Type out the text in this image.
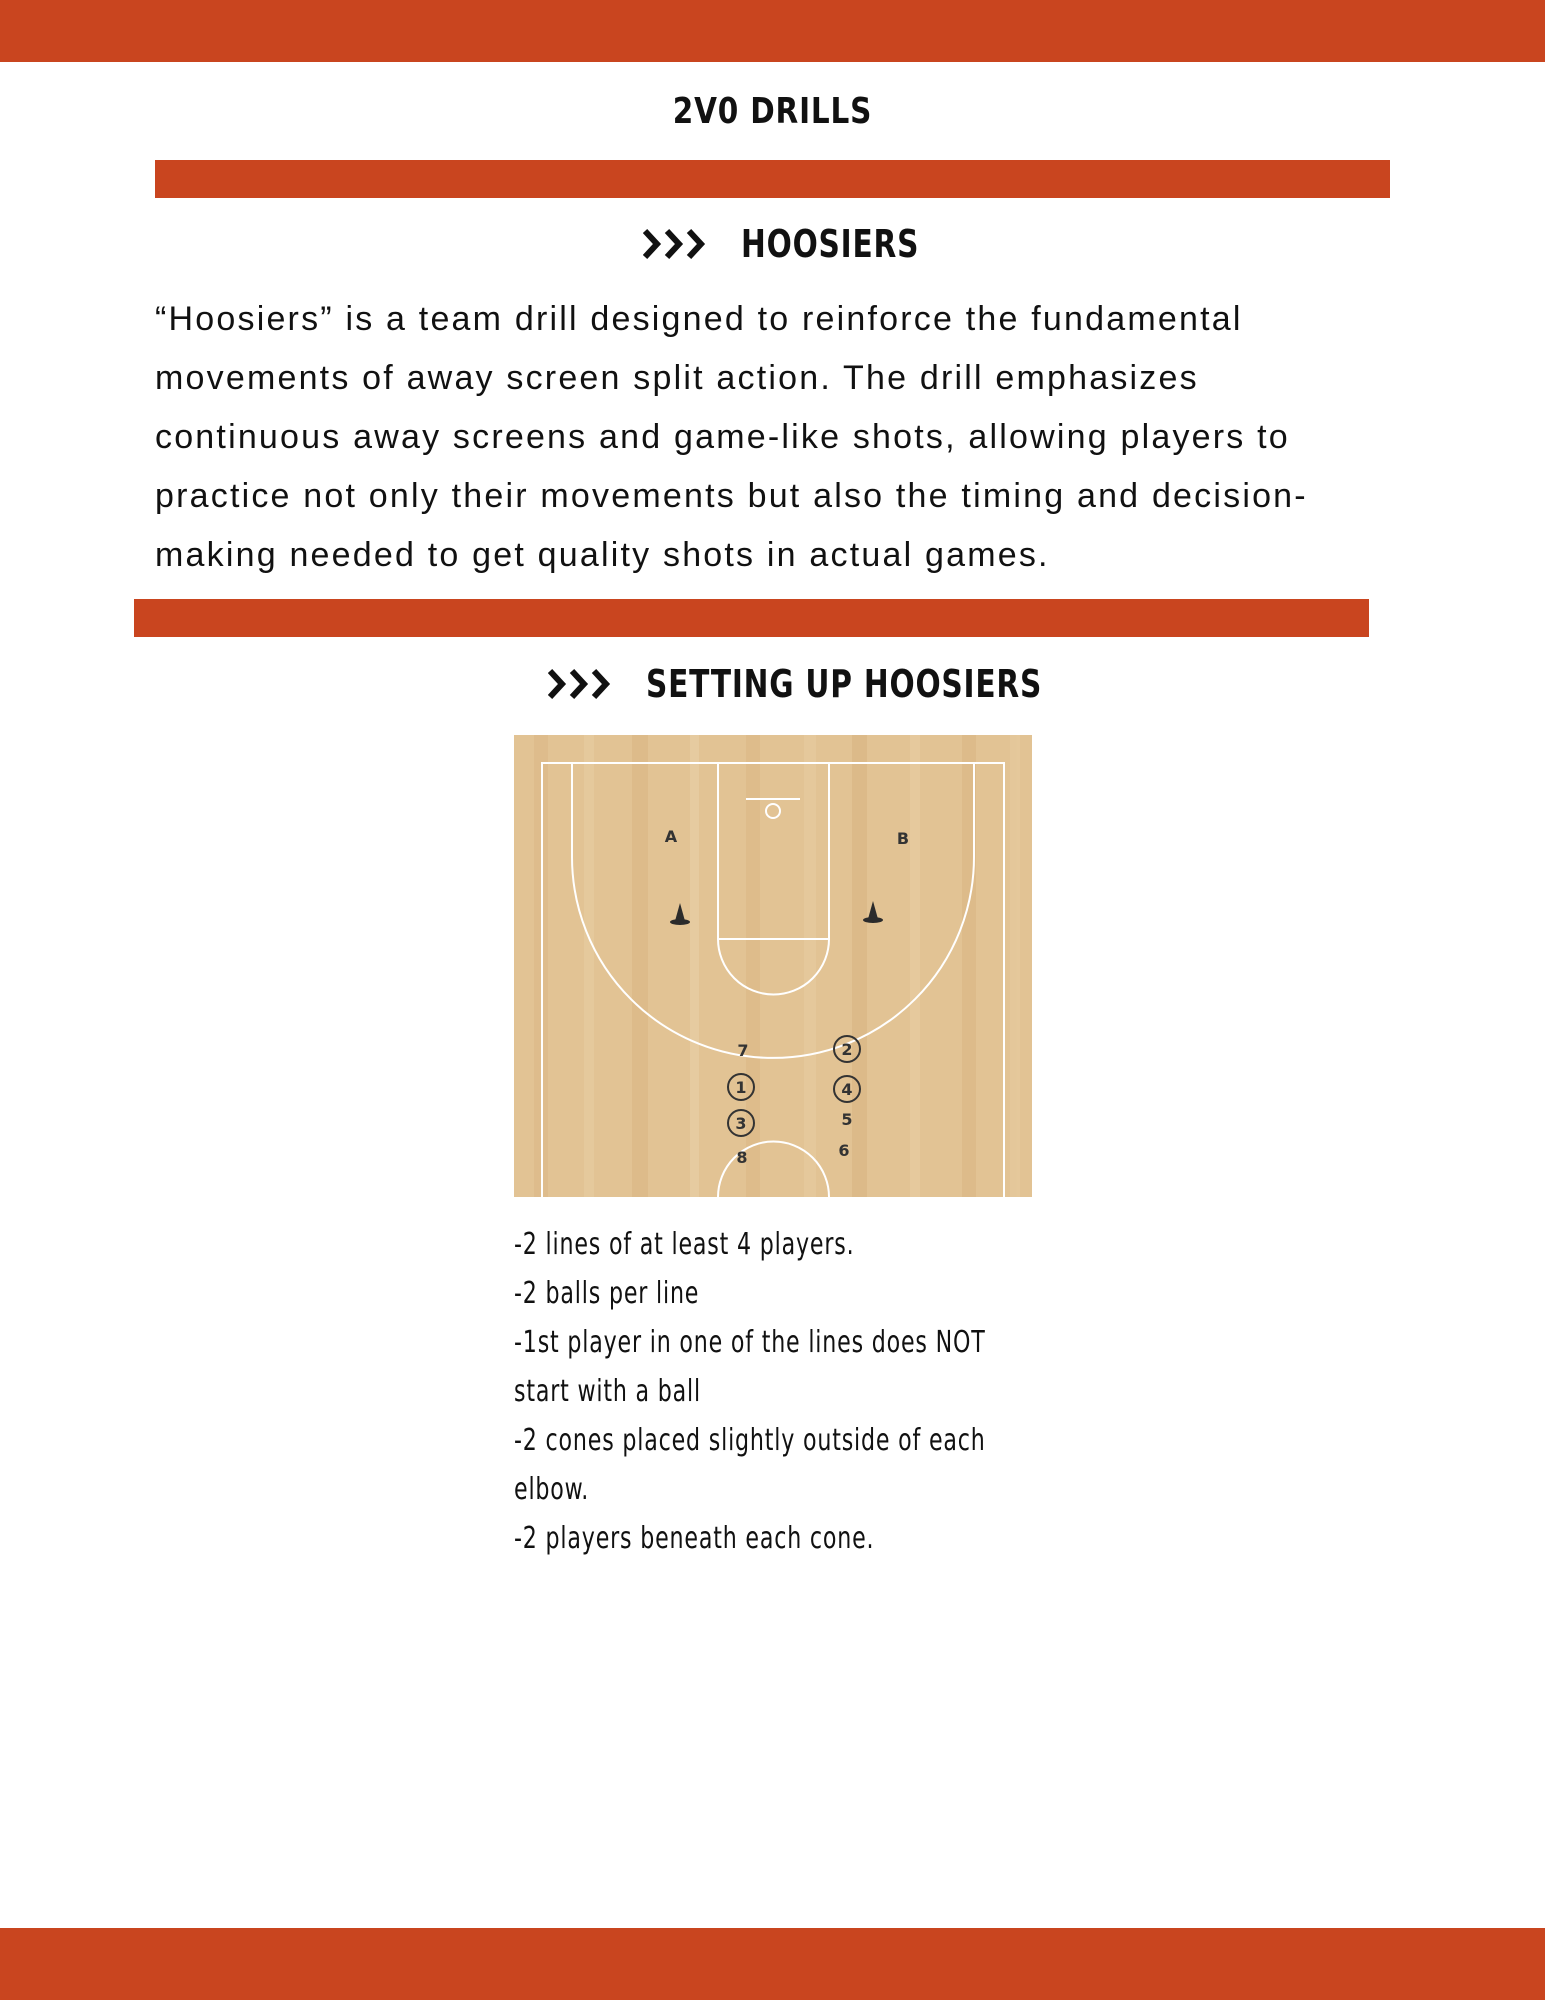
2V0 DRILLS
HOOSIERS

“Hoosiers” is a team drill designed to reinforce the fundamental
movements of away screen split action. The drill emphasizes
continuous away screens and game-like shots, allowing players to
practice not only their movements but also the timing and decision-
making needed to get quality shots in actual games.

SETTING UP HOOSIERS
A	B
7
1
3
8
2
4
5
6
-2 lines of at least 4 players.
-2 balls per line
-1st player in one of the lines does NOT
start with a ball
-2 cones placed slightly outside of each
elbow.
-2 players beneath each cone.
